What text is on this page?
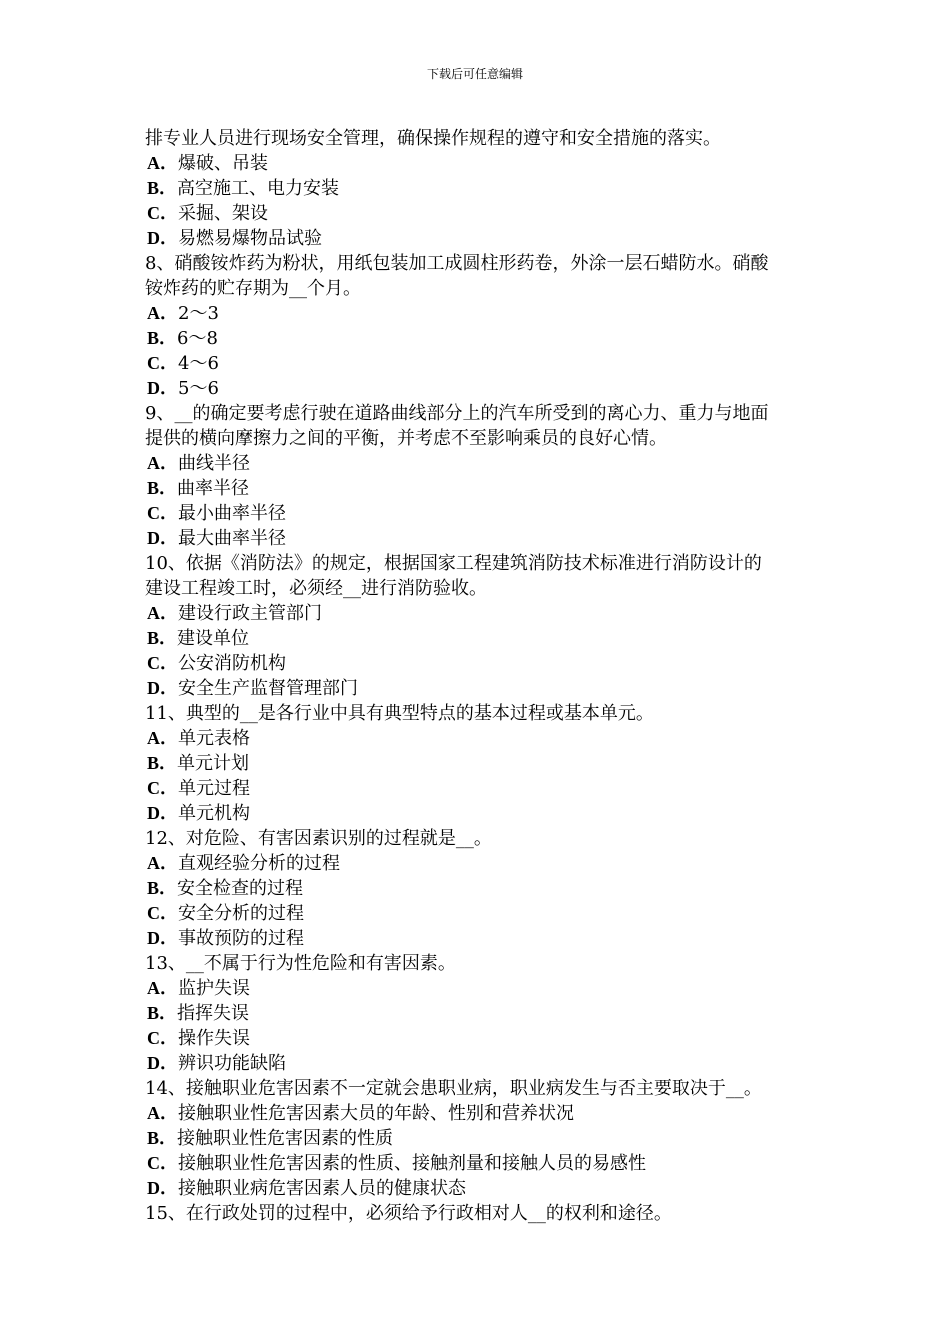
下载后可任意编辑
排专业人员进行现场安全管理，确保操作规程的遵守和安全措施的落实。
A．爆破、吊装
B．高空施工、电力安装
C．采掘、架设
D．易燃易爆物品试验
8、硝酸铵炸药为粉状，用纸包装加工成圆柱形药卷，外涂一层石蜡防水。硝酸
铵炸药的贮存期为__个月。
A．2～3
B．6～8
C．4～6
D．5～6
9、__的确定要考虑行驶在道路曲线部分上的汽车所受到的离心力、重力与地面
提供的横向摩擦力之间的平衡，并考虑不至影响乘员的良好心情。
A．曲线半径
B．曲率半径
C．最小曲率半径
D．最大曲率半径
10、依据《消防法》的规定，根据国家工程建筑消防技术标准进行消防设计的
建设工程竣工时，必须经__进行消防验收。
A．建设行政主管部门
B．建设单位
C．公安消防机构
D．安全生产监督管理部门
11、典型的__是各行业中具有典型特点的基本过程或基本单元。
A．单元表格
B．单元计划
C．单元过程
D．单元机构
12、对危险、有害因素识别的过程就是__。
A．直观经验分析的过程
B．安全检查的过程
C．安全分析的过程
D．事故预防的过程
13、__不属于行为性危险和有害因素。
A．监护失误
B．指挥失误
C．操作失误
D．辨识功能缺陷
14、接触职业危害因素不一定就会患职业病，职业病发生与否主要取决于__。
A．接触职业性危害因素大员的年龄、性别和营养状况
B．接触职业性危害因素的性质
C．接触职业性危害因素的性质、接触剂量和接触人员的易感性
D．接触职业病危害因素人员的健康状态
15、在行政处罚的过程中，必须给予行政相对人__的权利和途径。
